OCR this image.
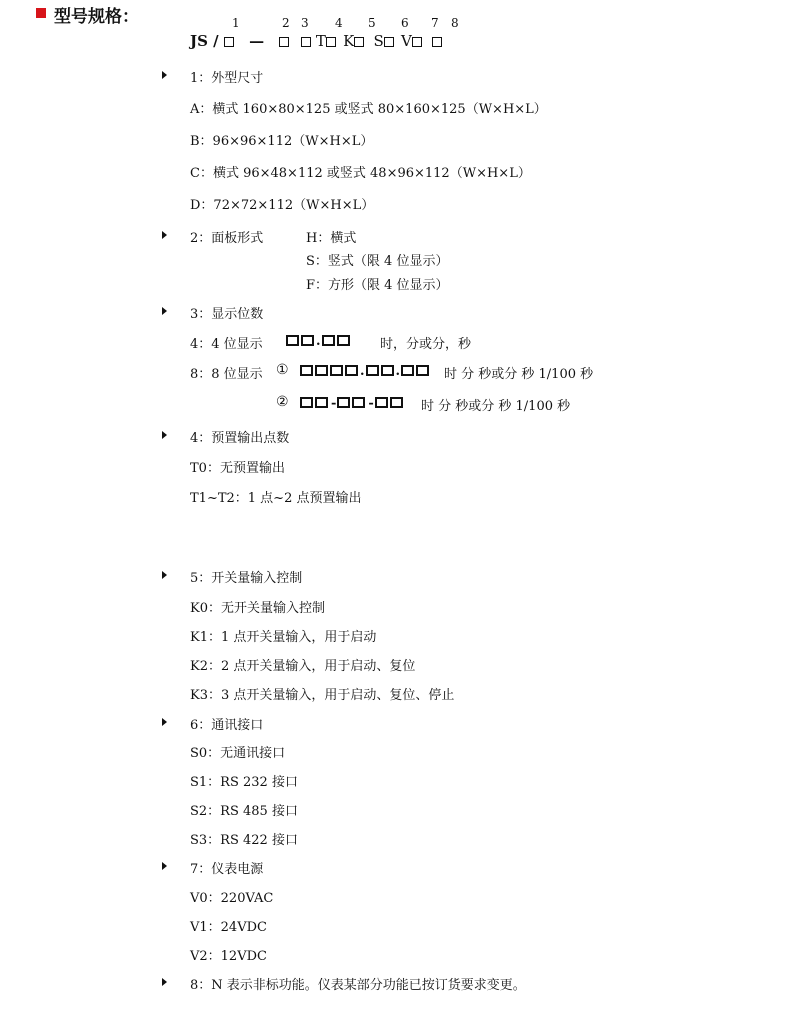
型号规格：	1	2 3 4 5 6 7 8
JS / —	T K S V
1：外型尺寸
A：横式 160×80×125 或竖式 80×160×125（W×H×L）
B：96×96×112（W×H×L）
C：横式 96×48×112 或竖式 48×96×112（W×H×L）
D：72×72×112（W×H×L）
2：面板形式	H：横式
S：竖式（限 4 位显示）
F：方形（限 4 位显示）
3：显示位数
4：4 位显示	.	时，分或分，秒
8：8 位显示 ①	. .	时 分 秒或分 秒 1/100 秒
②	- -	时 分 秒或分 秒 1/100 秒
4：预置输出点数
T0：无预置输出
T1~T2：1 点~2 点预置输出
5：开关量输入控制
K0：无开关量输入控制
K1：1 点开关量输入，用于启动
K2：2 点开关量输入，用于启动、复位
K3：3 点开关量输入，用于启动、复位、停止
6：通讯接口
S0：无通讯接口
S1：RS 232 接口
S2：RS 485 接口
S3：RS 422 接口
7：仪表电源
V0：220VAC
V1：24VDC
V2：12VDC
8：N 表示非标功能。仪表某部分功能已按订货要求变更。
